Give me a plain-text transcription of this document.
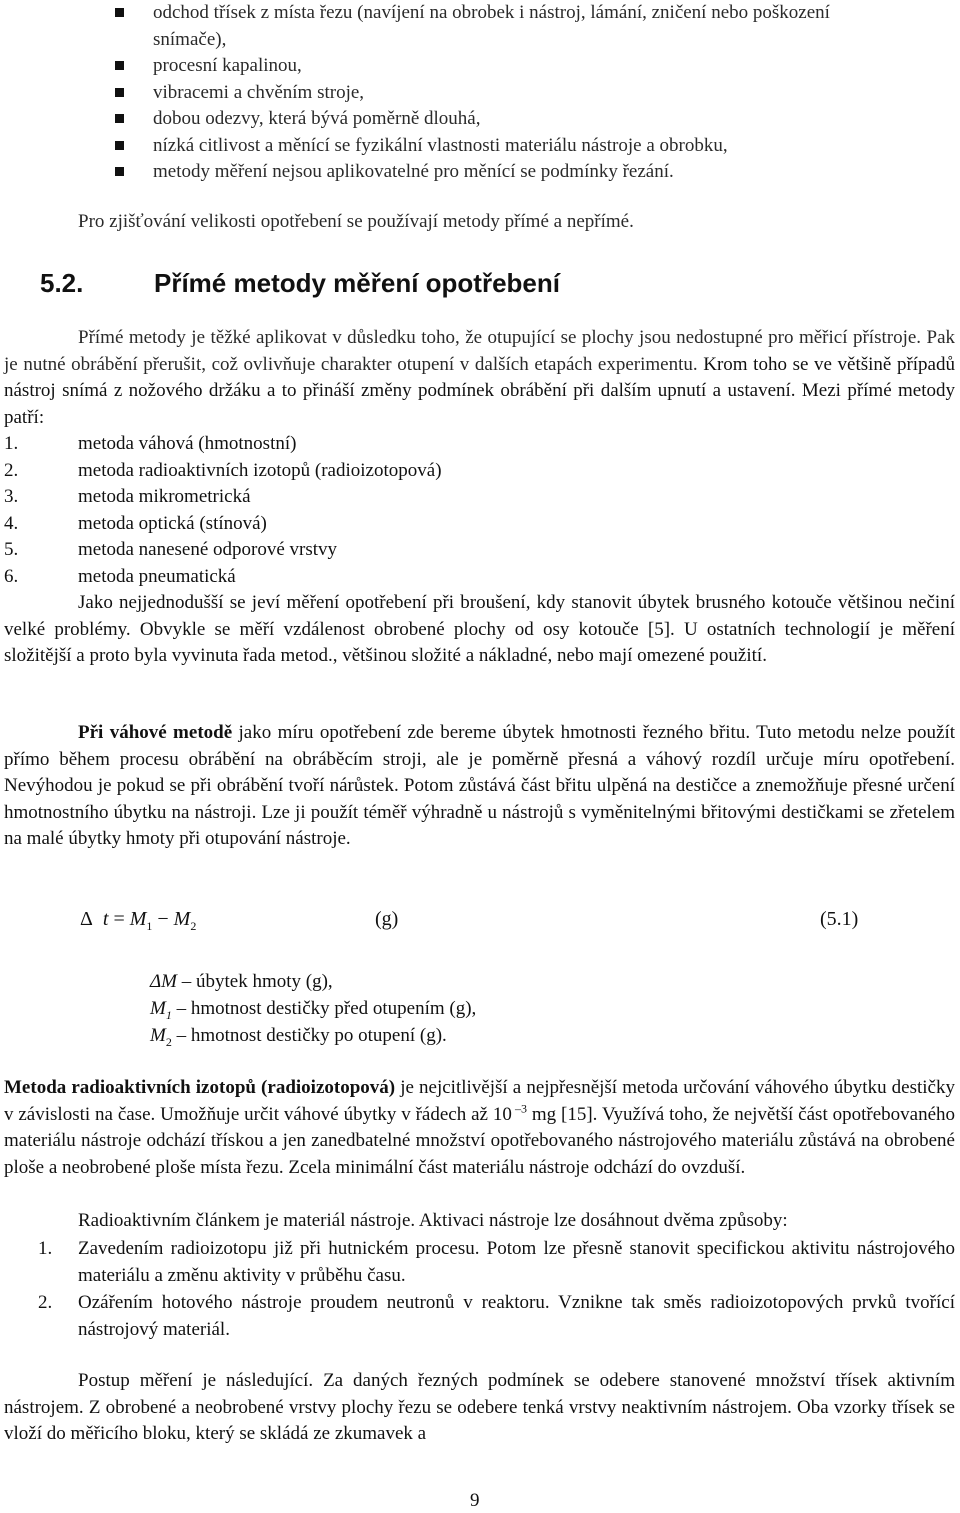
odchod třísek z místa řezu (navíjení na obrobek i nástroj, lámání, zničení nebo poškození snímače),
procesní kapalinou,
vibracemi a chvěním stroje,
dobou odezvy, která bývá poměrně dlouhá,
nízká citlivost a měnící se fyzikální vlastnosti materiálu nástroje a obrobku,
metody měření nejsou aplikovatelné pro měnící se podmínky řezání.
Pro zjišťování velikosti opotřebení se používají metody přímé a nepřímé.
5.2.	Přímé metody měření opotřebení

Přímé metody je těžké aplikovat v důsledku toho, že otupující se plochy jsou nedostupné pro měřicí přístroje. Pak je nutné obrábění přerušit, což ovlivňuje charakter otupení v dalších etapách experimentu. Krom toho se ve většině případů nástroj snímá z nožového držáku a to přináší změny podmínek obrábění při dalším upnutí a ustavení. Mezi přímé metody patří:

1.	metoda váhová (hmotnostní)
2.	metoda radioaktivních izotopů (radioizotopová)
3.	metoda mikrometrická
4.	metoda optická (stínová)
5.	metoda nanesené odporové vrstvy
6.	metoda pneumatická

Jako nejjednodušší se jeví měření opotřebení při broušení, kdy stanovit úbytek brusného kotouče většinou nečiní velké problémy. Obvykle se měří vzdálenost obrobené plochy od osy kotouče [5]. U ostatních technologií je měření složitější a proto byla vyvinuta řada metod., většinou složité a nákladné, nebo mají omezené použití.

Při váhové metodě jako míru opotřebení zde bereme úbytek hmotnosti řezného břitu. Tuto metodu nelze použít přímo během procesu obrábění na obráběcím stroji, ale je poměrně přesná a váhový rozdíl určuje míru opotřebení. Nevýhodou je pokud se při obrábění tvoří nárůstek. Potom zůstává část břitu ulpěná na destičce a znemožňuje přesné určení hmotnostního úbytku na nástroji. Lze ji použít téměř výhradně u nástrojů s vyměnitelnými břitovými destičkami se zřetelem na malé úbytky hmoty při otupování nástroje.

Δ $t = M_1 - M_2$	(g)	(5.1)
ΔM – úbytek hmoty (g),
$M_1$ – hmotnost destičky před otupením (g),
$M_2$ – hmotnost destičky po otupení (g).

Metoda radioaktivních izotopů (radioizotopová) je nejcitlivější a nejpřesnější metoda určování váhového úbytku destičky v závislosti na čase. Umožňuje určit váhové úbytky v řádech až 10 $^{-3}$ mg [15]. Využívá toho, že největší část opotřebovaného materiálu nástroje odchází třískou a jen zanedbatelné množství opotřebovaného nástrojového materiálu zůstává na obrobené ploše a neobrobené ploše místa řezu. Zcela minimální část materiálu nástroje odchází do ovzduší.

Radioaktivním článkem je materiál nástroje. Aktivaci nástroje lze dosáhnout dvěma způsoby:

1. Zavedením radioizotopu již při hutnickém procesu. Potom lze přesně stanovit specifickou aktivitu nástrojového materiálu a změnu aktivity v průběhu času.
2. Ozářením hotového nástroje proudem neutronů v reaktoru. Vznikne tak směs radioizotopových prvků tvořící nástrojový materiál.

Postup měření je následující. Za daných řezných podmínek se odebere stanovené množství třísek aktivním nástrojem. Z obrobené a neobrobené vrstvy plochy řezu se odebere tenká vrstvy neaktivním nástrojem. Oba vzorky třísek se vloží do měřicího bloku, který se skládá ze zkumavek a

9
